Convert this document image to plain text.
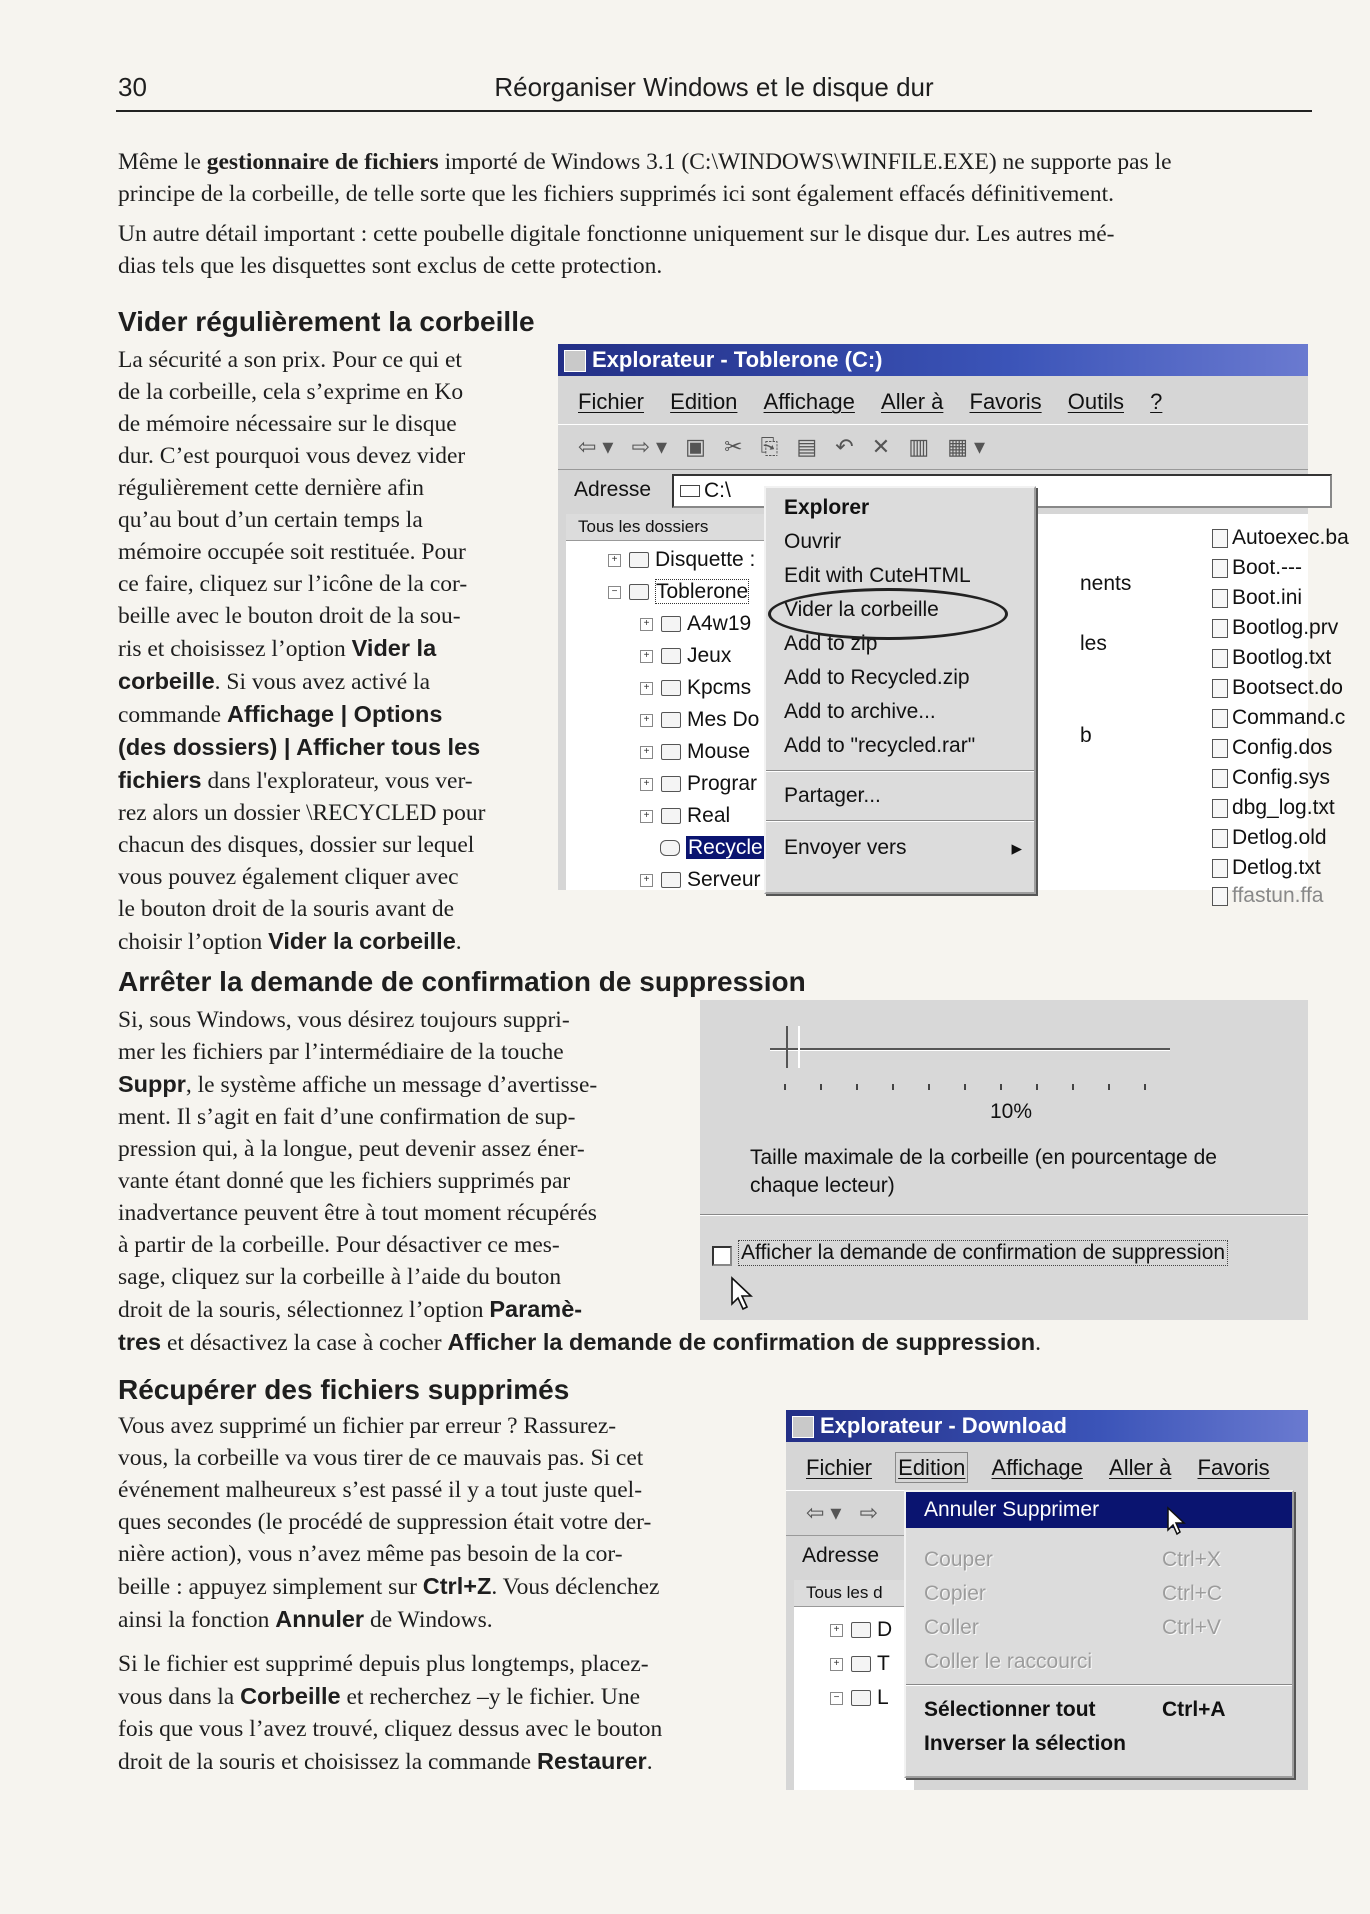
30	Réorganiser Windows et le disque dur
Même le gestionnaire de fichiers importé de Windows 3.1 (C:\WINDOWS\WINFILE.EXE) ne supporte pas le
principe de la corbeille, de telle sorte que les fichiers supprimés ici sont également effacés définitivement.
Un autre détail important : cette poubelle digitale fonctionne uniquement sur le disque dur. Les autres mé-
dias tels que les disquettes sont exclus de cette protection.
Vider régulièrement la corbeille
La sécurité a son prix. Pour ce qui et
de la corbeille, cela s’exprime en Ko
de mémoire nécessaire sur le disque
dur. C’est pourquoi vous devez vider
régulièrement cette dernière afin
qu’au bout d’un certain temps la
mémoire occupée soit restituée. Pour
ce faire, cliquez sur l’icône de la cor-
beille avec le bouton droit de la sou-
ris et choisissez l’option Vider la
corbeille. Si vous avez activé la
commande Affichage | Options
(des dossiers) | Afficher tous les
fichiers dans l'explorateur, vous ver-
rez alors un dossier \RECYCLED pour
chacun des disques, dossier sur lequel
vous pouvez également cliquer avec
le bouton droit de la souris avant de
choisir l’option Vider la corbeille.
Explorateur - Toblerone (C:)
Fichier Edition Affichage Aller à Favoris Outils ?
⇦▾ ⇨▾ ▣ ✂ ⎘ ▤ ↶ ✕ ▥ ▦▾
Adresse	C:\
Tous les dossiers
+ Disquette :
− Toblerone
+ A4w19
+ Jeux
+ Kpcms
+ Mes Do
+ Mouse
+ Prograr
+ Real
Recycle
+ Serveur
nents
les
b
Autoexec.ba
Boot.---
Boot.ini
Bootlog.prv
Bootlog.txt
Bootsect.do
Command.c
Config.dos
Config.sys
dbg_log.txt
Detlog.old
Detlog.txt
ffastun.ffa
Explorer
Ouvrir
Edit with CuteHTML
Vider la corbeille
Add to zip
Add to Recycled.zip
Add to archive...
Add to "recycled.rar"
Partager...
Envoyer vers	▸
Arrêter la demande de confirmation de suppression
Si, sous Windows, vous désirez toujours suppri-
mer les fichiers par l’intermédiaire de la touche
Suppr, le système affiche un message d’avertisse-
ment. Il s’agit en fait d’une confirmation de sup-
pression qui, à la longue, peut devenir assez éner-
vante étant donné que les fichiers supprimés par
inadvertance peuvent être à tout moment récupérés
à partir de la corbeille. Pour désactiver ce mes-
sage, cliquez sur la corbeille à l’aide du bouton
droit de la souris, sélectionnez l’option Paramè-
tres et désactivez la case à cocher Afficher la demande de confirmation de suppression.
10%
Taille maximale de la corbeille (en pourcentage de
chaque lecteur)
Afficher la demande de confirmation de suppression
Récupérer des fichiers supprimés
Vous avez supprimé un fichier par erreur ? Rassurez-
vous, la corbeille va vous tirer de ce mauvais pas. Si cet
événement malheureux s’est passé il y a tout juste quel-
ques secondes (le procédé de suppression était votre der-
nière action), vous n’avez même pas besoin de la cor-
beille : appuyez simplement sur Ctrl+Z. Vous déclenchez
ainsi la fonction Annuler de Windows.
Si le fichier est supprimé depuis plus longtemps, placez-
vous dans la Corbeille et recherchez –y le fichier. Une
fois que vous l’avez trouvé, cliquez dessus avec le bouton
droit de la souris et choisissez la commande Restaurer.
Explorateur - Download
Fichier Edition Affichage Aller à Favoris
⇦▾ ⇨
Adresse
Tous les d
+ D
+ T
− L
Annuler Supprimer
Couper	Ctrl+X
Copier	Ctrl+C
Coller	Ctrl+V
Coller le raccourci
Sélectionner tout	Ctrl+A
Inverser la sélection
